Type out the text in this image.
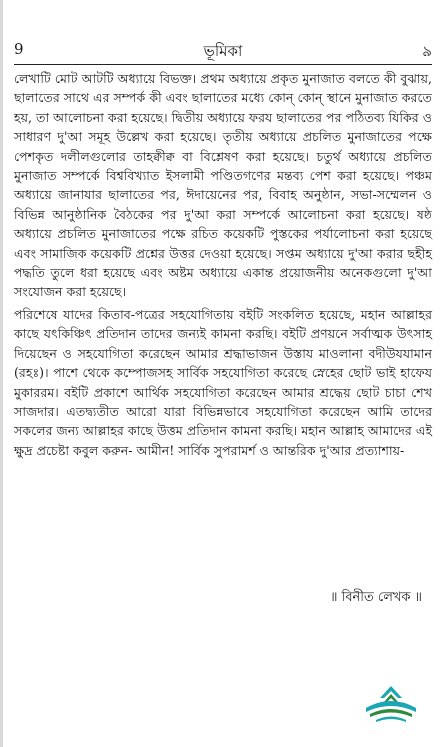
9	ভূমিকা	৯

লেখাটি মোট আটটি অধ্যায়ে বিভক্ত। প্রথম অধ্যায়ে প্রকৃত মুনাজাত বলতে কী বুঝায়, ছালাতের সাথে এর সম্পর্ক কী এবং ছালাতের মধ্যে কোন্ কোন্ স্থানে মুনাজাত করতে হয়, তা আলোচনা করা হয়েছে। দ্বিতীয় অধ্যায়ে ফরয ছালাতের পর পঠিতব্য যিকির ও সাধারণ দু'আ সমূহ উল্লেখ করা হয়েছে। তৃতীয় অধ্যায়ে প্রচলিত মুনাজাতের পক্ষে পেশকৃত দলীলগুলোর তাহক্বীক্ব বা বিশ্লেষণ করা হয়েছে। চতুর্থ অধ্যায়ে প্রচলিত মুনাজাত সম্পর্কে বিশ্ববিখ্যাত ইসলামী পণ্ডিতগণের মন্তব্য পেশ করা হয়েছে। পঞ্চম অধ্যায়ে জানাযার ছালাতের পর, ঈদায়েনের পর, বিবাহ অনুষ্ঠান, সভা-সম্মেলন ও বিভিন্ন আনুষ্ঠানিক বৈঠকের পর দু'আ করা সম্পর্কে আলোচনা করা হয়েছে। ষষ্ঠ অধ্যায়ে প্রচলিত মুনাজাতের পক্ষে রচিত কয়েকটি পুস্তকের পর্যালোচনা করা হয়েছে এবং সামাজিক কয়েকটি প্রশ্নের উত্তর দেওয়া হয়েছে। সপ্তম অধ্যায়ে দু'আ করার ছহীহ পদ্ধতি তুলে ধরা হয়েছে এবং অষ্টম অধ্যায়ে একান্ত প্রয়োজনীয় অনেকগুলো দু'আ সংযোজন করা হয়েছে।

পরিশেষে যাদের কিতাব-পত্রের সহযোগিতায় বইটি সংকলিত হয়েছে, মহান আল্লাহর কাছে যৎকিঞ্চিৎ প্রতিদান তাদের জন্যই কামনা করছি। বইটি প্রণয়নে সর্বাত্মক উৎসাহ দিয়েছেন ও সহযোগিতা করেছেন আমার শ্রদ্ধাভাজন উস্তায মাওলানা বদীউযযামান (রহঃ)। পাশে থেকে কম্পোজসহ সার্বিক সহযোগিতা করেছে স্নেহের ছোট ভাই হাফেয মুকাররম। বইটি প্রকাশে আর্থিক সহযোগিতা করেছেন আমার শ্রদ্ধেয় ছোট চাচা শেখ সাজদার। এতদ্ব্যতীত আরো যারা বিভিন্নভাবে সহযোগিতা করেছেন আমি তাদের সকলের জন্য আল্লাহর কাছে উত্তম প্রতিদান কামনা করছি। মহান আল্লাহ আমাদের এই ক্ষুদ্র প্রচেষ্টা কবুল করুন- আমীন! সার্বিক সুপরামর্শ ও আন্তরিক দু'আর প্রত্যাশায়-

॥ বিনীত লেখক ॥
